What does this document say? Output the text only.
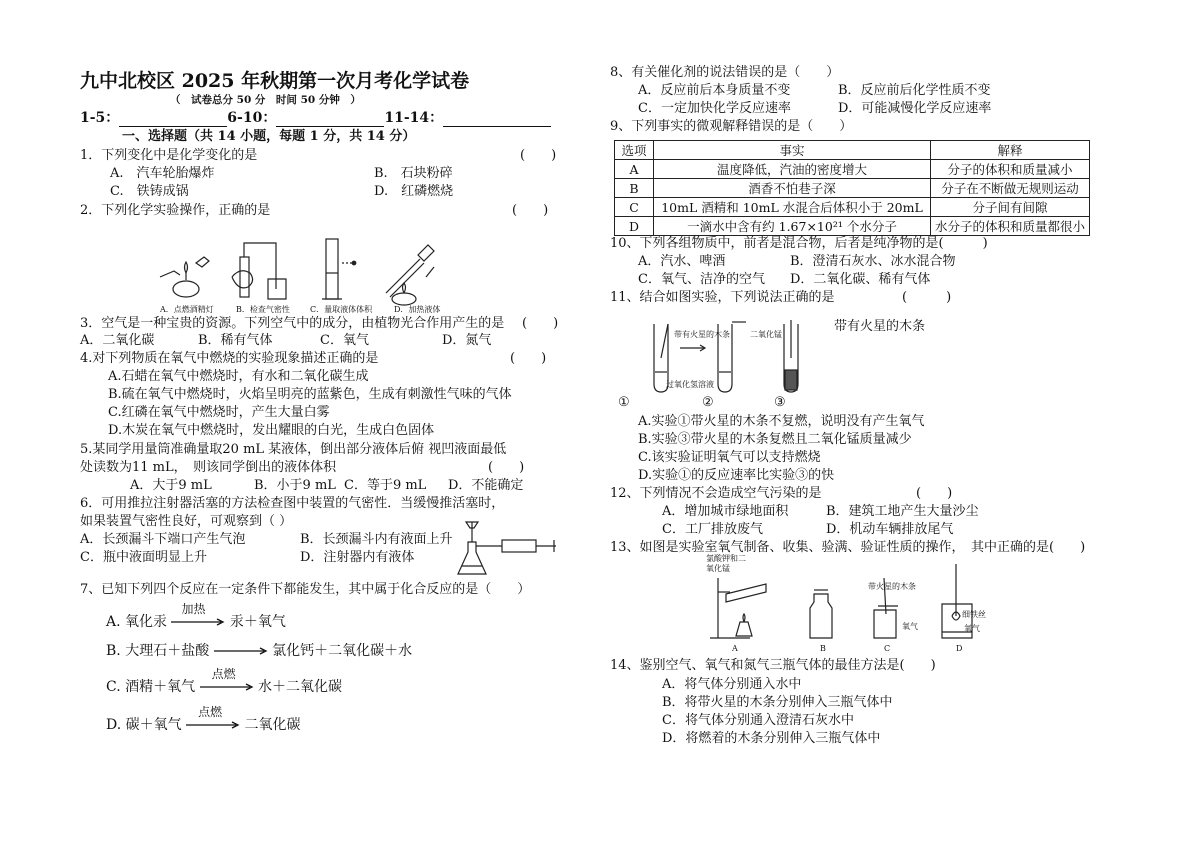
九中北校区 2025 年秋期第一次月考化学试卷
（　试卷总分 50 分　时间 50 分钟　）
1-5：	6-10：	11-14：
一、选择题（共 14 小题，每题 1 分，共 14 分）
1．下列变化中是化学变化的是	(　　)
A.　汽车轮胎爆炸	B.　石块粉碎
C.　铁铸成锅	D.　红磷燃烧
2．下列化学实验操作，正确的是	(　　)
A．点燃酒精灯	B．检查气密性	C．量取液体体积	D．加热液体
3．空气是一种宝贵的资源。下列空气中的成分，由植物光合作用产生的是 (　　)
A．二氧化碳	B．稀有气体	C．氧气	D．氮气
4.对下列物质在氧气中燃烧的实验现象描述正确的是	(　　)
A.石蜡在氧气中燃烧时，有水和二氧化碳生成
B.硫在氧气中燃烧时，火焰呈明亮的蓝紫色，生成有刺激性气味的气体
C.红磷在氧气中燃烧时，产生大量白雾
D.木炭在氧气中燃烧时，发出耀眼的白光，生成白色固体
5.某同学用量筒准确量取20 mL 某液体，倒出部分液体后俯 视凹液面最低
处读数为11 mL，　则该同学倒出的液体体积	(　　)
A．大于9 mL	B．小于9 mL C．等于9 mL D．不能确定
6．可用推拉注射器活塞的方法检查图中装置的气密性．当缓慢推活塞时，
如果装置气密性良好，可观察到（ ）
A．长颈漏斗下端口产生气泡	B．长颈漏斗内有液面上升
C．瓶中液面明显上升	D．注射器内有液体
7、已知下列四个反应在一定条件下都能发生，其中属于化合反应的是（　　）
A. 氧化汞
加热
汞＋氧气
B. 大理石＋盐酸 → 氯化钙＋二氧化碳＋水
C. 酒精＋氧气
点燃
水＋二氧化碳
D. 碳＋氧气
点燃
二氧化碳
8、有关催化剂的说法错误的是（　　）
A．反应前后本身质量不变	B．反应前后化学性质不变
C．一定加快化学反应速率	D．可能减慢化学反应速率
9、下列事实的微观解释错误的是（　　）
选项	事实	解释
A	温度降低，汽油的密度增大	分子的体积和质量减小
B	酒香不怕巷子深	分子在不断做无规则运动
C	10mL 酒精和 10mL 水混合后体积小于 20mL	分子间有间隙
D	一滴水中含有约 1.67×10²¹ 个水分子	水分子的体积和质量都很小
10、下列各组物质中，前者是混合物，后者是纯净物的是(　　　)
A．汽水、啤酒	B．澄清石灰水、冰水混合物
C．氧气、洁净的空气 D．二氧化碳、稀有气体
11、结合如图实验，下列说法正确的是	(　　　)
带有火星的木条	二氧化锰
过氧化氢溶液
带有火星的木条
①	②	③
A.实验①带火星的木条不复燃，说明没有产生氧气
B.实验③带火星的木条复燃且二氧化锰质量减少
C.该实验证明氧气可以支持燃烧
D.实验①的反应速率比实验③的快
12、下列情况不会造成空气污染的是	(　　)
A．增加城市绿地面积	B．建筑工地产生大量沙尘
C．工厂排放废气	D．机动车辆排放尾气
13、如图是实验室氧气制备、收集、验满、验证性质的操作，　其中正确的是(　　)
氯酸钾和二氧化锰
带火星的木条
氧气
细铁丝
氧气
A	B	C	D
14、鉴别空气、氧气和氮气三瓶气体的最佳方法是(　　)
A．将气体分别通入水中
B．将带火星的木条分别伸入三瓶气体中
C．将气体分别通入澄清石灰水中
D．将燃着的木条分别伸入三瓶气体中
